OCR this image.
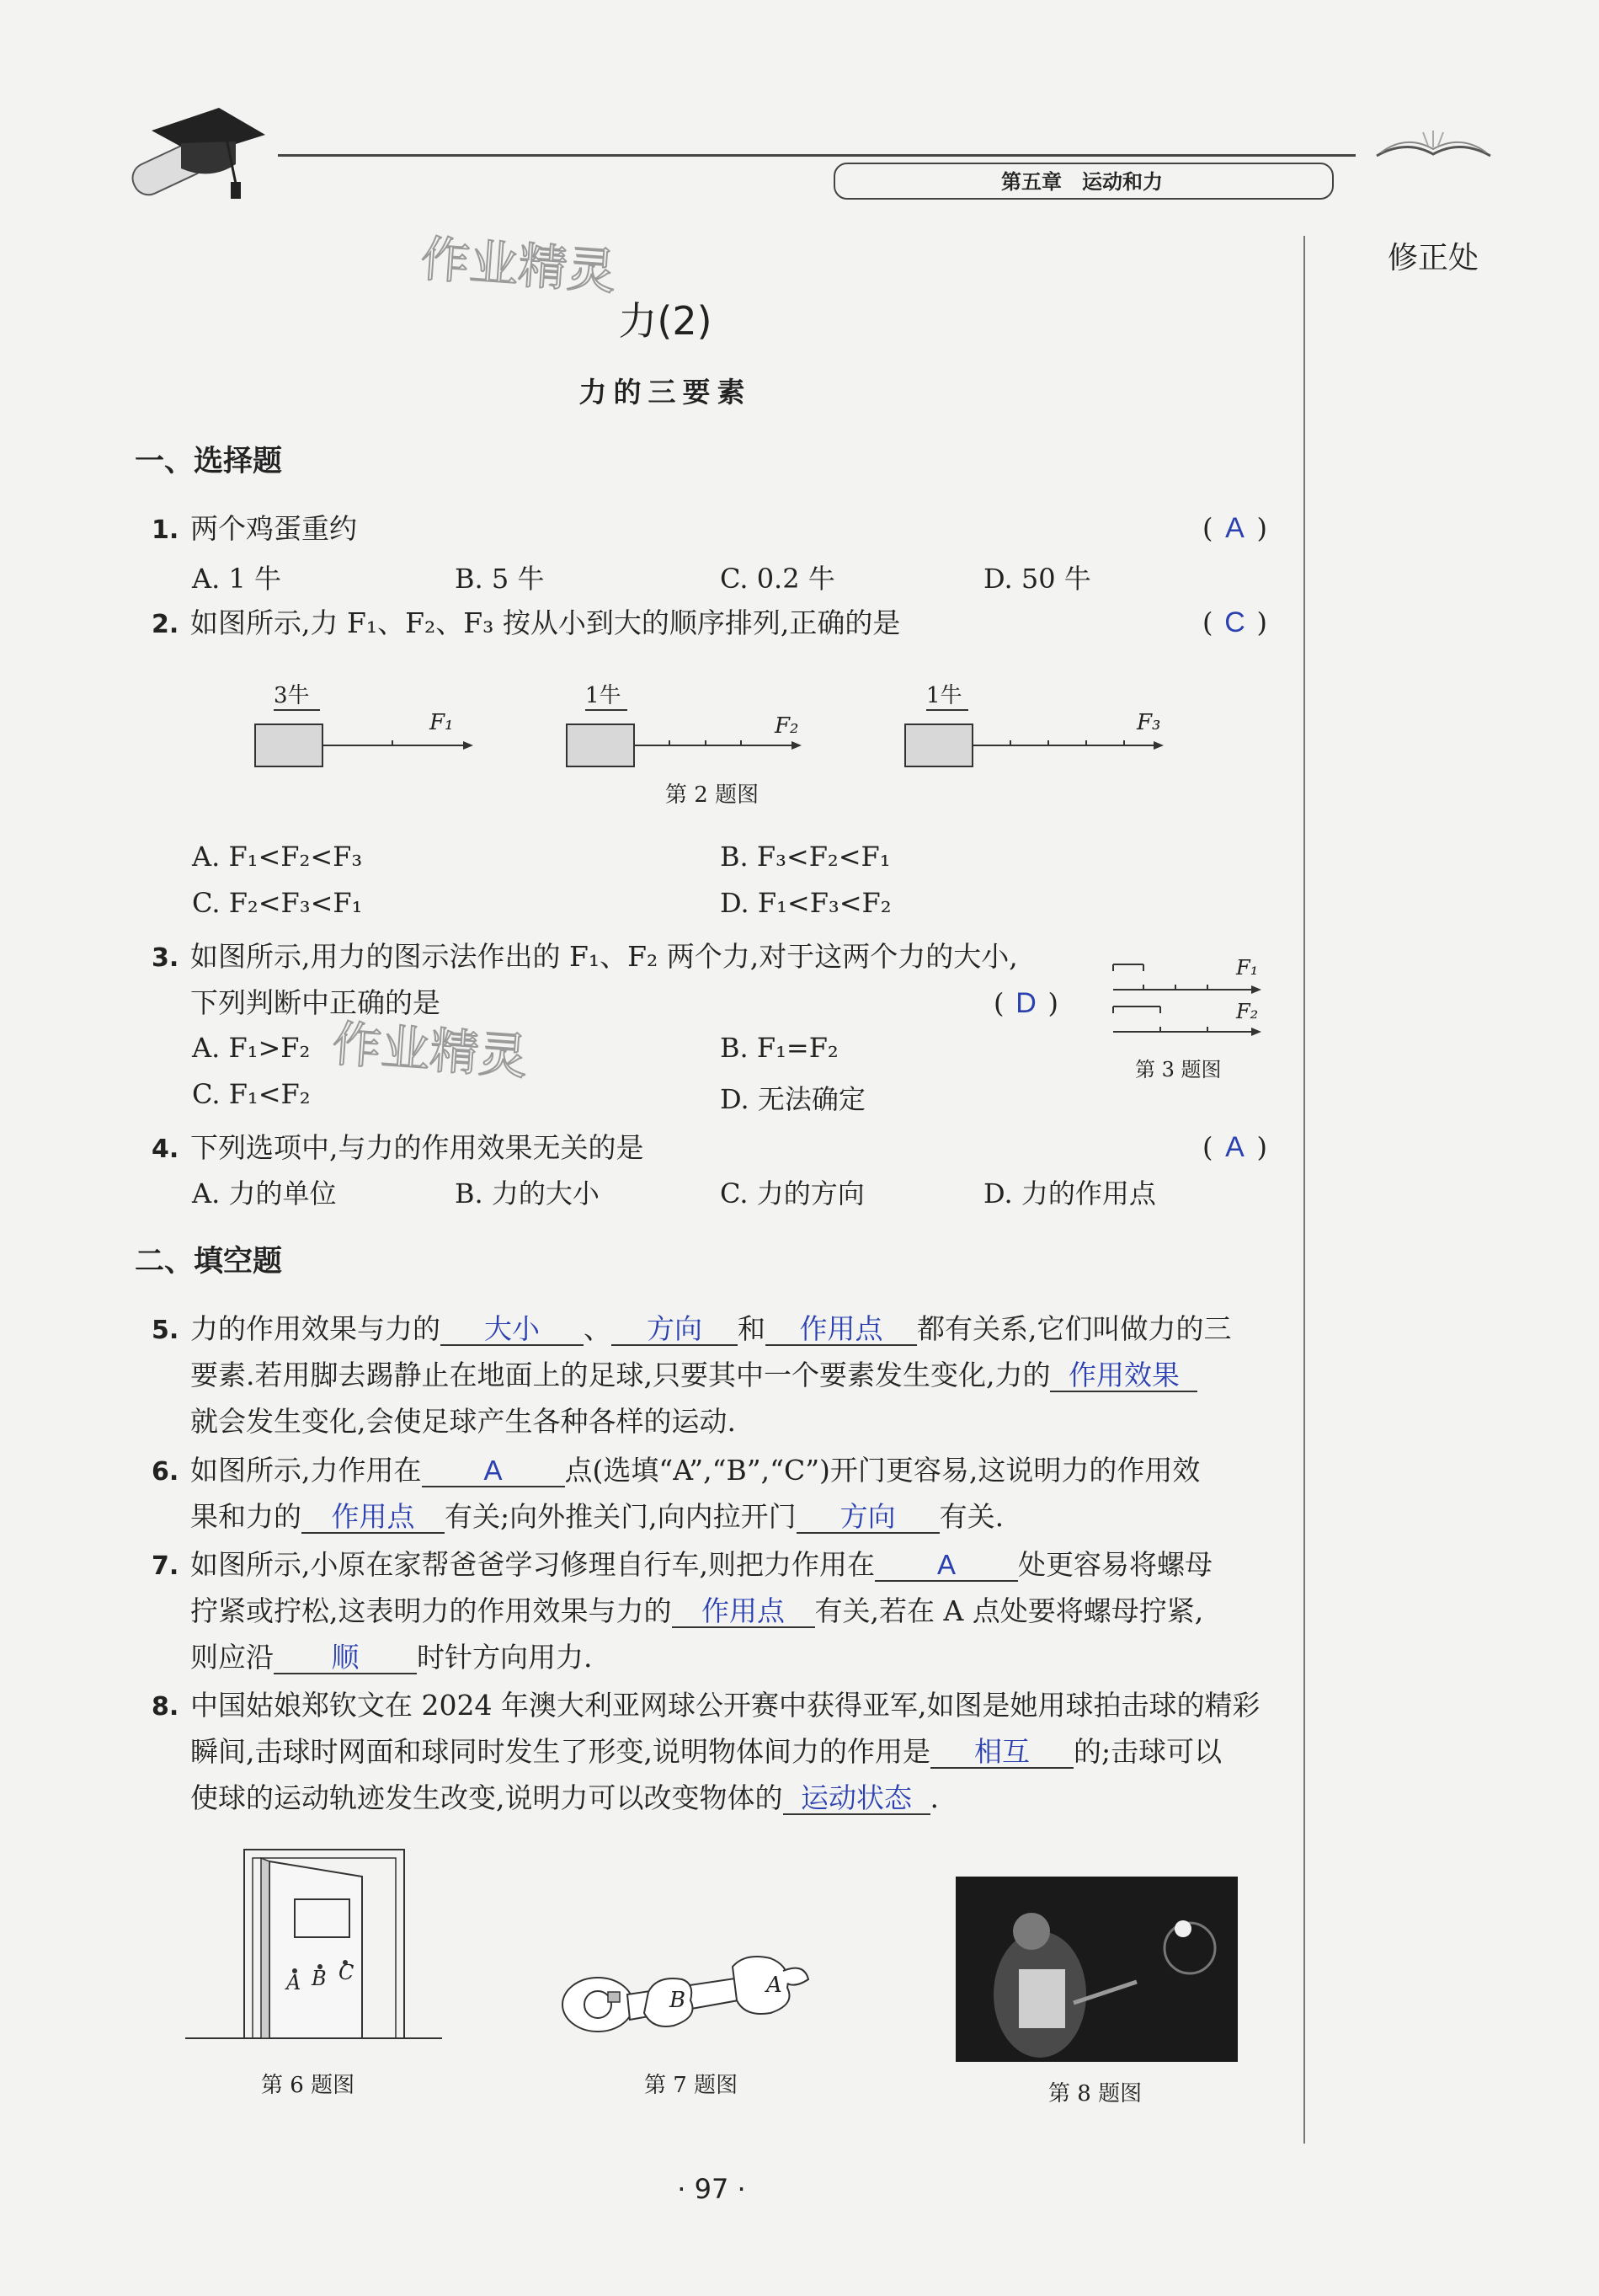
第五章　运动和力
修正处
作业精灵
作业精灵
力(2)
力的三要素
一、选择题
1. 两个鸡蛋重约	( A )
A. 1 牛	B. 5 牛	C. 0.2 牛	D. 50 牛
2. 如图所示,力 F₁、F₂、F₃ 按从小到大的顺序排列,正确的是	( C )
3牛
F₁
1牛
F₂
1牛
F₃
第 2 题图
A. F₁<F₂<F₃	B. F₃<F₂<F₁
C. F₂<F₃<F₁	D. F₁<F₃<F₂
3. 如图所示,用力的图示法作出的 F₁、F₂ 两个力,对于这两个力的大小,
下列判断中正确的是	( D )
A. F₁>F₂	B. F₁=F₂
C. F₁<F₂	D. 无法确定
F₁
F₂
第 3 题图
4. 下列选项中,与力的作用效果无关的是	( A )
A. 力的单位	B. 力的大小	C. 力的方向	D. 力的作用点
二、填空题
5. 力的作用效果与力的 大小 、 方向 和 作用点 都有关系,它们叫做力的三
要素.若用脚去踢静止在地面上的足球,只要其中一个要素发生变化,力的 作用效果
就会发生变化,会使足球产生各种各样的运动.
6. 如图所示,力作用在 A 点(选填“A”,“B”,“C”)开门更容易,这说明力的作用效
果和力的 作用点 有关;向外推关门,向内拉开门 方向 有关.
7. 如图所示,小原在家帮爸爸学习修理自行车,则把力作用在 A 处更容易将螺母
拧紧或拧松,这表明力的作用效果与力的 作用点 有关,若在 A 点处要将螺母拧紧,
则应沿 顺 时针方向用力.
8. 中国姑娘郑钦文在 2024 年澳大利亚网球公开赛中获得亚军,如图是她用球拍击球的精彩
瞬间,击球时网面和球同时发生了形变,说明物体间力的作用是 相互 的;击球可以
使球的运动轨迹发生改变,说明力可以改变物体的 运动状态 .
A B C
第 6 题图
B
A
第 7 题图	第 8 题图
· 97 ·
